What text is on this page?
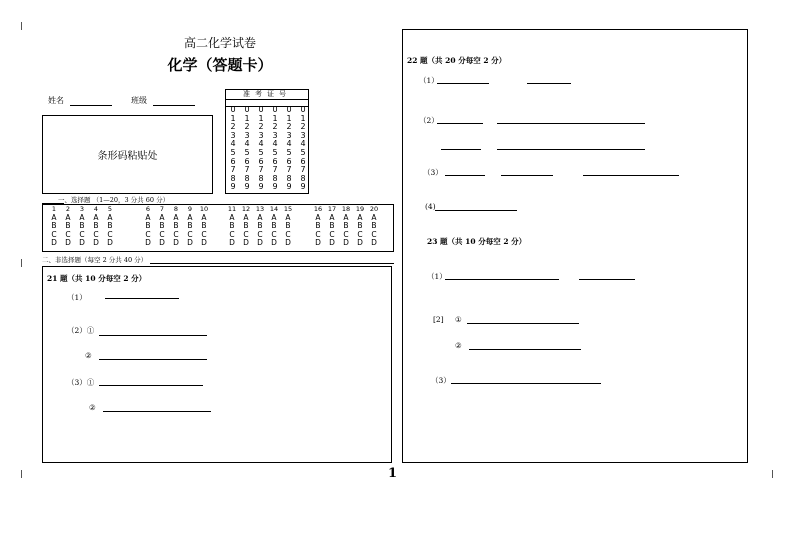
高二化学试卷
化学（答题卡）
姓名	班级
条形码粘贴处
准考证号
0
1
2
3
4
5
6
7
8
9
0
1
2
3
4
5
6
7
8
9
0
1
2
3
4
5
6
7
8
9
0
1
2
3
4
5
6
7
8
9
0
1
2
3
4
5
6
7
8
9
0
1
2
3
4
5
6
7
8
9
一、选择题 （1—20，3 分共 60 分）
1
A
B
C
D
2
A
B
C
D
3
A
B
C
D
4
A
B
C
D
5
A
B
C
D
6
A
B
C
D
7
A
B
C
D
8
A
B
C
D
9
A
B
C
D
10
A
B
C
D
11
A
B
C
D
12
A
B
C
D
13
A
B
C
D
14
A
B
C
D
15
A
B
C
D
16
A
B
C
D
17
A
B
C
D
18
A
B
C
D
19
A
B
C
D
20
A
B
C
D
二、非选择题（每空 2 分共 40 分）
21 题（共 10 分每空 2 分）
（1）
（2）①
②
（3）①
②
22 题（共 20 分每空 2 分）
（1）
（2）
（3）
(4)
23 题（共 10 分每空 2 分）
（1）
[2] ①
②
（3）
1
